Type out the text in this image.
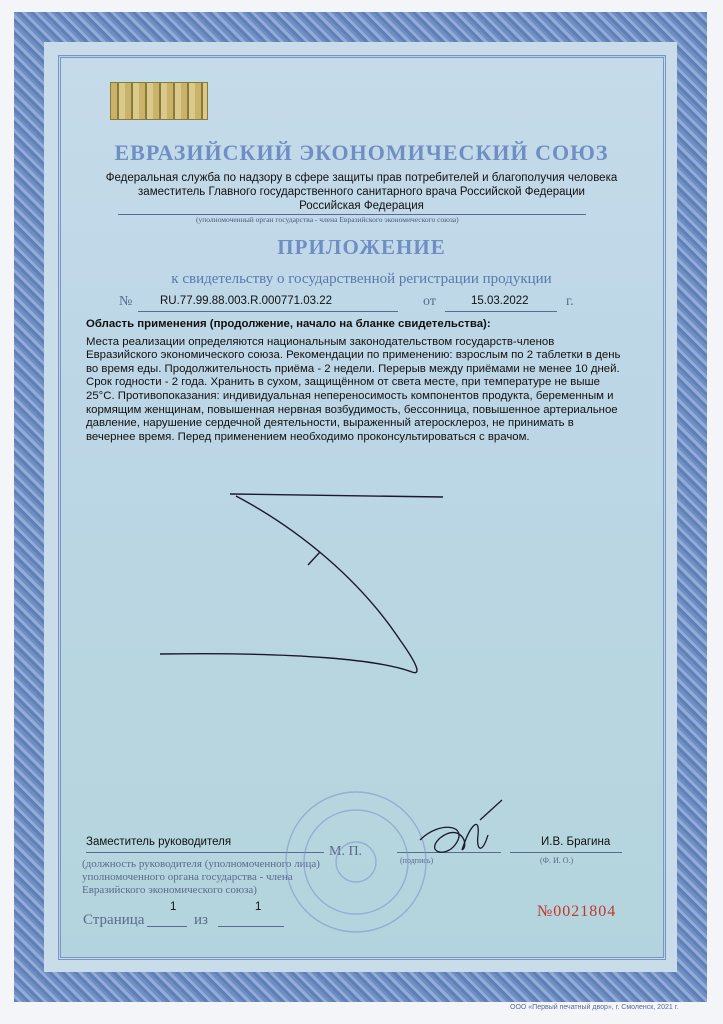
ЕВРАЗИЙСКИЙ ЭКОНОМИЧЕСКИЙ СОЮЗ
Федеральная служба по надзору в сфере защиты прав потребителей и благополучия человека
заместитель Главного государственного санитарного врача Российской Федерации
Российская Федерация
(уполномоченный орган государства - члена Евразийского экономического союза)
ПРИЛОЖЕНИЕ
к свидетельству о государственной регистрации продукции
№ RU.77.99.88.003.R.000771.03.22	от	15.03.2022	г.
Область применения (продолжение, начало на бланке свидетельства):
Места реализации определяются национальным законодательством государств-членов Евразийского экономического союза. Рекомендации по применению: взрослым по 2 таблетки в день во время еды. Продолжительность приёма - 2 недели. Перерыв между приёмами не менее 10 дней. Срок годности - 2 года. Хранить в сухом, защищённом от света месте, при температуре не выше 25°С. Противопоказания: индивидуальная непереносимость компонентов продукта, беременным и кормящим женщинам, повышенная нервная возбудимость, бессонница, повышенное артериальное давление, нарушение сердечной деятельности, выраженный атеросклероз, не принимать в вечернее время. Перед применением необходимо проконсультироваться с врачом.
Заместитель руководителя
(должность руководителя (уполномоченного лица) уполномоченного органа государства - члена Евразийского экономического союза)
М. П.
(подпись)
И.В. Брагина
(Ф. И. О.)
Страница
1
из
1	№0021804
ООО «Первый печатный двор», г. Смоленск, 2021 г.
